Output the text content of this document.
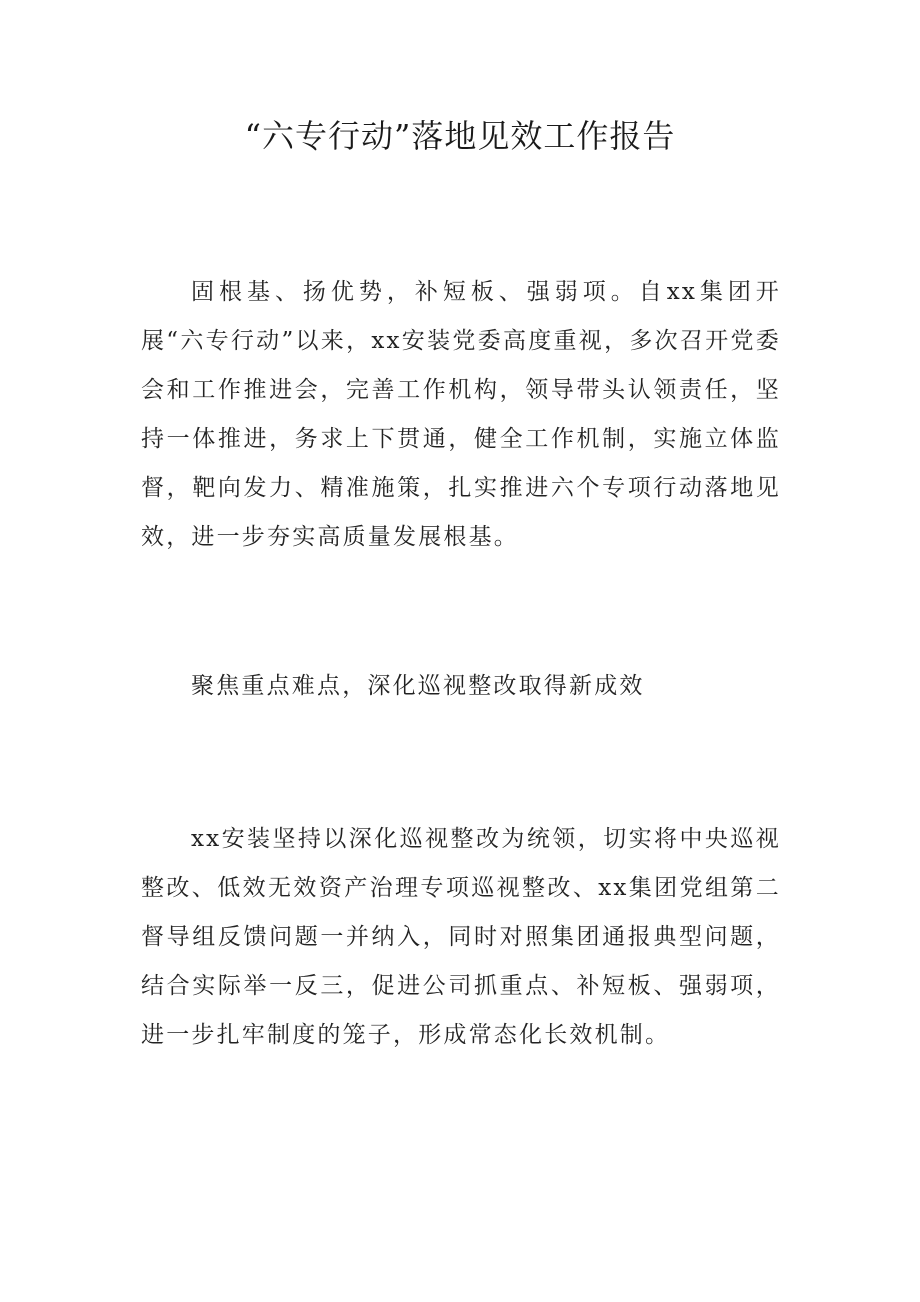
“六专行动”落地见效工作报告

固根基、扬优势，补短板、强弱项。自xx集团开展“六专行动”以来，xx安装党委高度重视，多次召开党委会和工作推进会，完善工作机构，领导带头认领责任，坚持一体推进，务求上下贯通，健全工作机制，实施立体监督，靶向发力、精准施策，扎实推进六个专项行动落地见效，进一步夯实高质量发展根基。

聚焦重点难点，深化巡视整改取得新成效

xx安装坚持以深化巡视整改为统领，切实将中央巡视整改、低效无效资产治理专项巡视整改、xx集团党组第二督导组反馈问题一并纳入，同时对照集团通报典型问题，结合实际举一反三，促进公司抓重点、补短板、强弱项，进一步扎牢制度的笼子，形成常态化长效机制。
